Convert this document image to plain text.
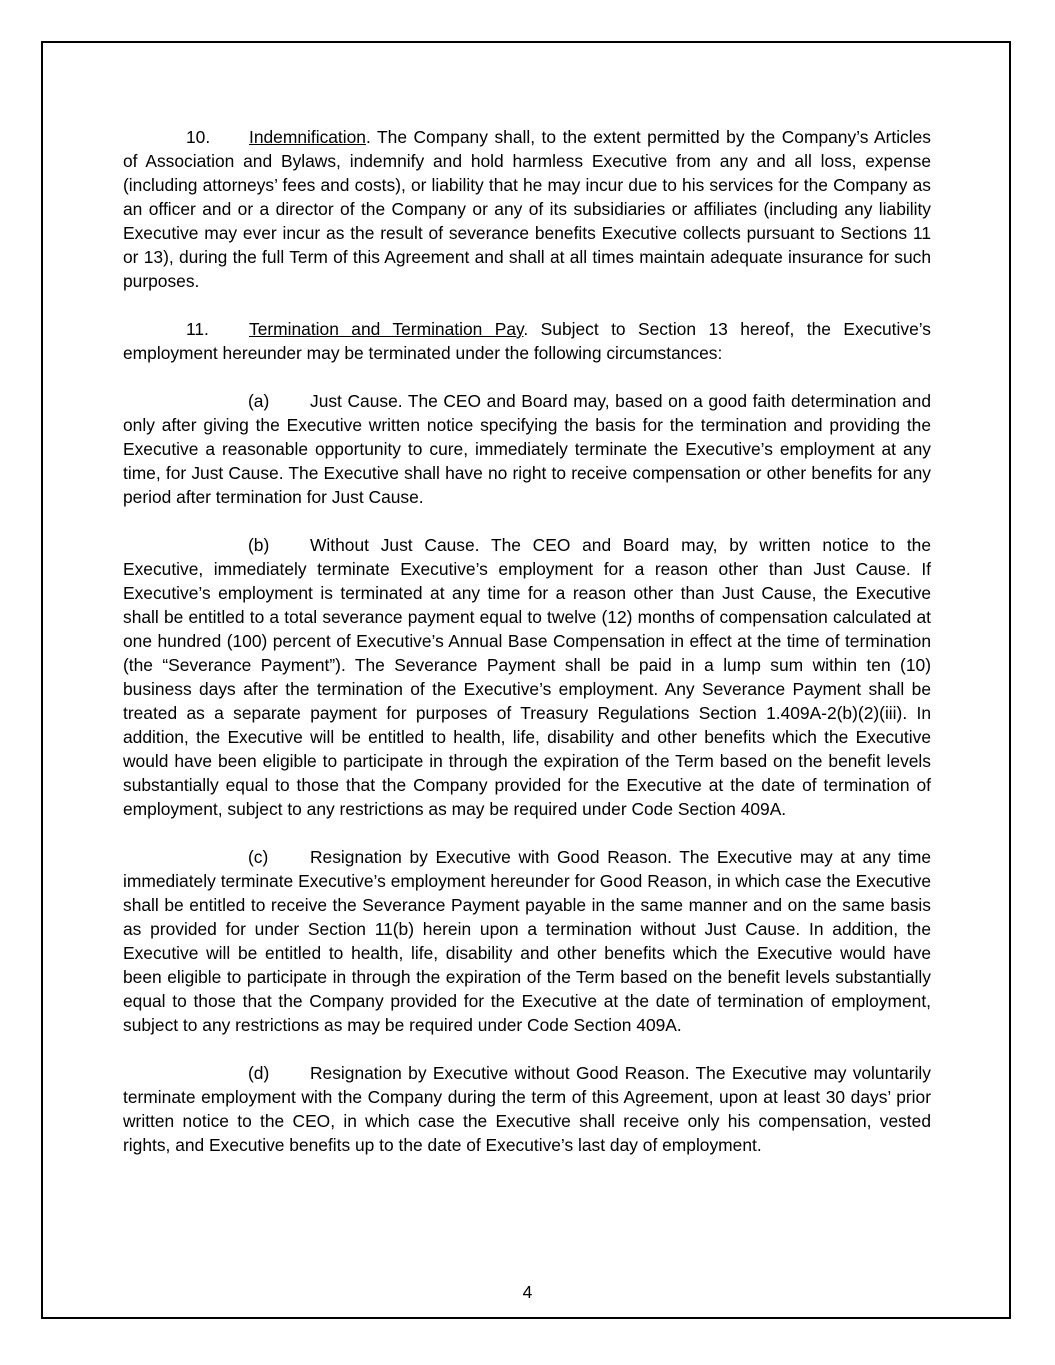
10. Indemnification. The Company shall, to the extent permitted by the Company’s Articles of Association and Bylaws, indemnify and hold harmless Executive from any and all loss, expense (including attorneys’ fees and costs), or liability that he may incur due to his services for the Company as an officer and or a director of the Company or any of its subsidiaries or affiliates (including any liability Executive may ever incur as the result of severance benefits Executive collects pursuant to Sections 11 or 13), during the full Term of this Agreement and shall at all times maintain adequate insurance for such purposes.

11. Termination and Termination Pay. Subject to Section 13 hereof, the Executive’s employment hereunder may be terminated under the following circumstances:

(a) Just Cause. The CEO and Board may, based on a good faith determination and only after giving the Executive written notice specifying the basis for the termination and providing the Executive a reasonable opportunity to cure, immediately terminate the Executive’s employment at any time, for Just Cause. The Executive shall have no right to receive compensation or other benefits for any period after termination for Just Cause.

(b) Without Just Cause. The CEO and Board may, by written notice to the Executive, immediately terminate Executive’s employment for a reason other than Just Cause. If Executive’s employment is terminated at any time for a reason other than Just Cause, the Executive shall be entitled to a total severance payment equal to twelve (12) months of compensation calculated at one hundred (100) percent of Executive’s Annual Base Compensation in effect at the time of termination (the “Severance Payment”). The Severance Payment shall be paid in a lump sum within ten (10) business days after the termination of the Executive’s employment. Any Severance Payment shall be treated as a separate payment for purposes of Treasury Regulations Section 1.409A-2(b)(2)(iii). In addition, the Executive will be entitled to health, life, disability and other benefits which the Executive would have been eligible to participate in through the expiration of the Term based on the benefit levels substantially equal to those that the Company provided for the Executive at the date of termination of employment, subject to any restrictions as may be required under Code Section 409A.

(c) Resignation by Executive with Good Reason. The Executive may at any time immediately terminate Executive’s employment hereunder for Good Reason, in which case the Executive shall be entitled to receive the Severance Payment payable in the same manner and on the same basis as provided for under Section 11(b) herein upon a termination without Just Cause. In addition, the Executive will be entitled to health, life, disability and other benefits which the Executive would have been eligible to participate in through the expiration of the Term based on the benefit levels substantially equal to those that the Company provided for the Executive at the date of termination of employment, subject to any restrictions as may be required under Code Section 409A.

(d) Resignation by Executive without Good Reason. The Executive may voluntarily terminate employment with the Company during the term of this Agreement, upon at least 30 days’ prior written notice to the CEO, in which case the Executive shall receive only his compensation, vested rights, and Executive benefits up to the date of Executive’s last day of employment.

4
